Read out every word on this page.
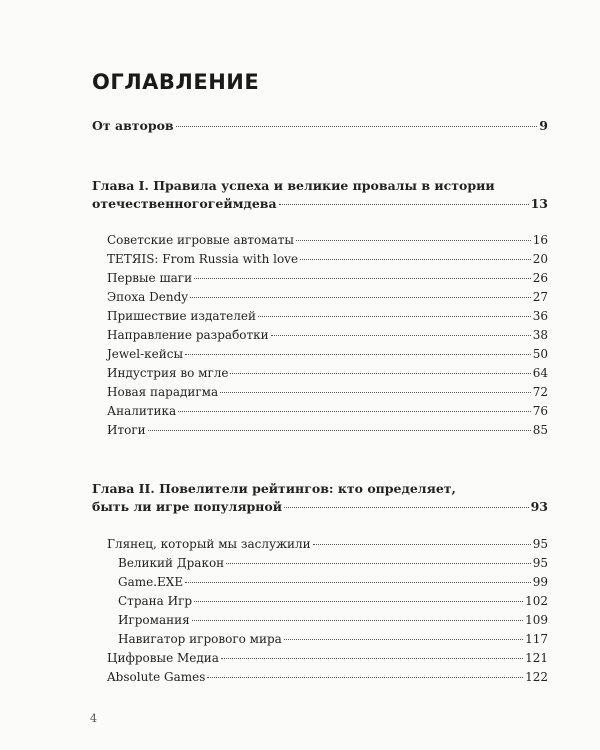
ОГЛАВЛЕНИЕ
От авторов	9
Глава I. Правила успеха и великие провалы в истории
отечественногогеймдева	13
Советские игровые автоматы	16
TETЯIS: From Russia with love	20
Первые шаги	26
Эпоха Dendy	27
Пришествие издателей	36
Направление разработки	38
Jewel-кейсы	50
Индустрия во мгле	64
Новая парадигма	72
Аналитика	76
Итоги	85
Глава II. Повелители рейтингов: кто определяет,
быть ли игре популярной	93
Глянец, который мы заслужили	95
Великий Дракон	95
Game.EXE	99
Страна Игр	102
Игромания	109
Навигатор игрового мира	117
Цифровые Медиа	121
Absolute Games	122
4
